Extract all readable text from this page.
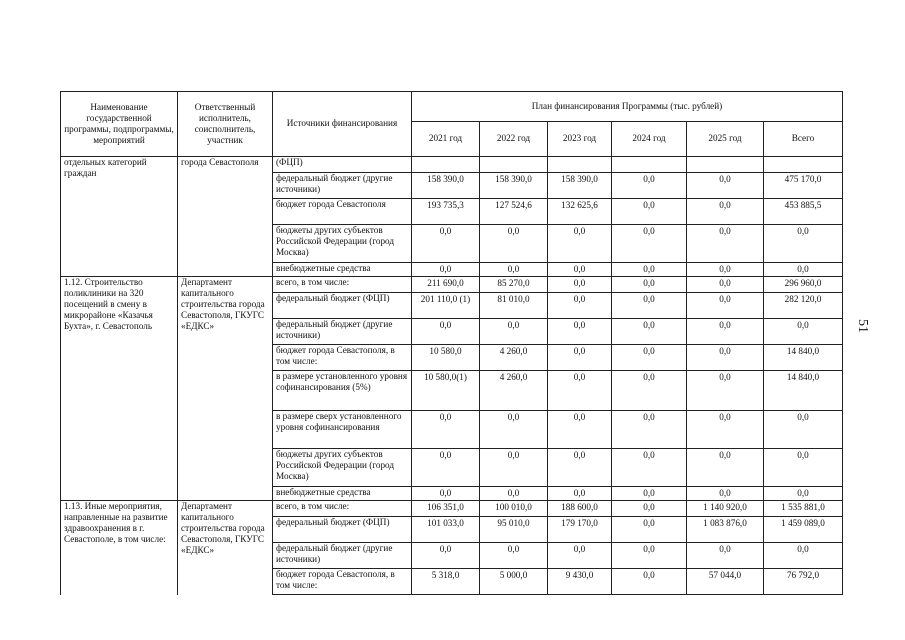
Наименование государственной программы, подпрограммы, мероприятий	Ответственный исполнитель, соисполнитель, участник	Источники финансирования	План финансирования Программы (тыс. рублей)					
			2021 год	2022 год	2023 год	2024 год	2025 год	Всего
отдельных категорий граждан	города Севастополя	(ФЦП)						
		федеральный бюджет (другие источники)	158 390,0	158 390,0	158 390,0	0,0	0,0	475 170,0
		бюджет города Севастополя	193 735,3	127 524,6	132 625,6	0,0	0,0	453 885,5
		бюджеты других субъектов Российской Федерации (город Москва)	0,0	0,0	0,0	0,0	0,0	0,0
		внебюджетные средства	0,0	0,0	0,0	0,0	0,0	0,0
1.12. Строительство поликлиники на 320 посещений в смену в микрорайоне «Казачья Бухта», г. Севастополь	Департамент капитального строительства города Севастополя, ГКУГС «ЕДКС»	всего, в том числе:	211 690,0	85 270,0	0,0	0,0	0,0	296 960,0
		федеральный бюджет (ФЦП)	201 110,0 (1)	81 010,0	0,0	0,0	0,0	282 120,0
		федеральный бюджет (другие источники)	0,0	0,0	0,0	0,0	0,0	0,0
		бюджет города Севастополя, в том числе:	10 580,0	4 260,0	0,0	0,0	0,0	14 840,0
		в размере установленного уровня софинансирования (5%)	10 580,0(1)	4 260,0	0,0	0,0	0,0	14 840,0
		в размере сверх установленного уровня софинансирования	0,0	0,0	0,0	0,0	0,0	0,0
		бюджеты других субъектов Российской Федерации (город Москва)	0,0	0,0	0,0	0,0	0,0	0,0
		внебюджетные средства	0,0	0,0	0,0	0,0	0,0	0,0
1.13. Иные мероприятия, направленные на развитие здравоохранения в г. Севастополе, в том числе:	Департамент капитального строительства города Севастополя, ГКУГС «ЕДКС»	всего, в том числе:	106 351,0	100 010,0	188 600,0	0,0	1 140 920,0	1 535 881,0
		федеральный бюджет (ФЦП)	101 033,0	95 010,0	179 170,0	0,0	1 083 876,0	1 459 089,0
		федеральный бюджет (другие источники)	0,0	0,0	0,0	0,0	0,0	0,0
		бюджет города Севастополя, в том числе:	5 318,0	5 000,0	9 430,0	0,0	57 044,0	76 792,0
51
